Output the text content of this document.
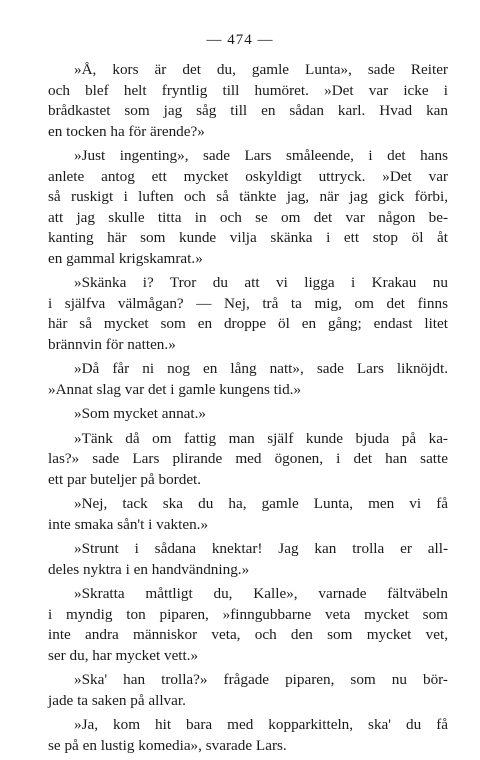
— 474 —

»Å, kors är det du, gamle Lunta», sade Reiter
och blef helt fryntlig till humöret. »Det var icke i
brådkastet som jag såg till en sådan karl. Hvad kan
en tocken ha för ärende?»

»Just ingenting», sade Lars småleende, i det hans
anlete antog ett mycket oskyldigt uttryck. »Det var
så ruskigt i luften och så tänkte jag, när jag gick förbi,
att jag skulle titta in och se om det var någon be-
kanting här som kunde vilja skänka i ett stop öl åt
en gammal krigskamrat.»

»Skänka i? Tror du att vi ligga i Krakau nu
i själfva välmågan? — Nej, trå ta mig, om det finns
här så mycket som en droppe öl en gång; endast litet
brännvin för natten.»

»Då får ni nog en lång natt», sade Lars liknöjdt.
»Annat slag var det i gamle kungens tid.»

»Som mycket annat.»

»Tänk då om fattig man själf kunde bjuda på ka-
las?» sade Lars plirande med ögonen, i det han satte
ett par buteljer på bordet.

»Nej, tack ska du ha, gamle Lunta, men vi få
inte smaka sån't i vakten.»

»Strunt i sådana knektar! Jag kan trolla er all-
deles nyktra i en handvändning.»

»Skratta måttligt du, Kalle», varnade fältväbeln
i myndig ton piparen, »finngubbarne veta mycket som
inte andra människor veta, och den som mycket vet,
ser du, har mycket vett.»

»Ska' han trolla?» frågade piparen, som nu bör-
jade ta saken på allvar.

»Ja, kom hit bara med kopparkitteln, ska' du få
se på en lustig komedia», svarade Lars.
